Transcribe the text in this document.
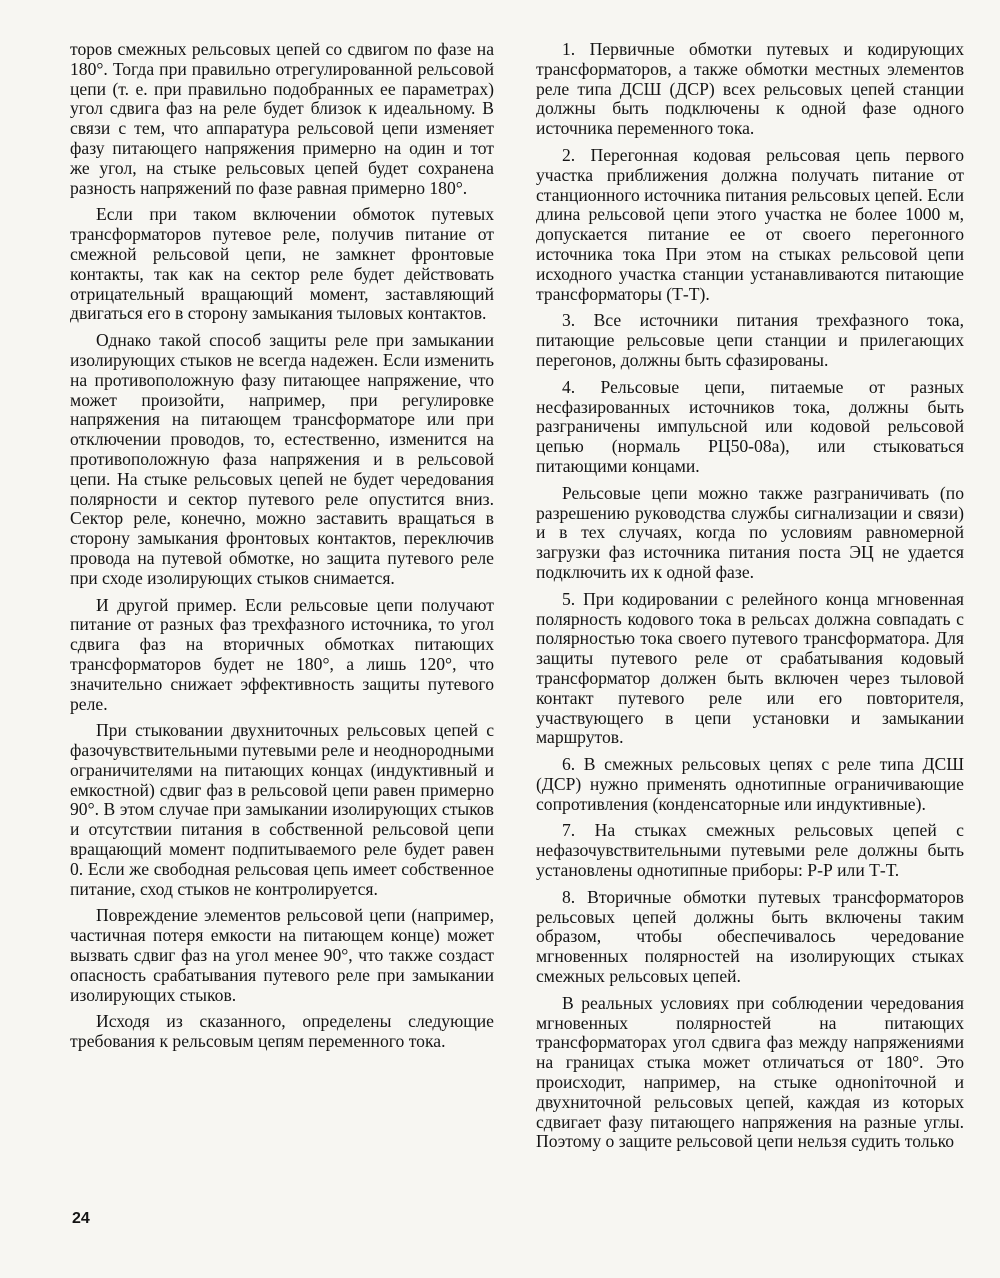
торов смежных рельсовых цепей со сдвигом по фазе на 180°. Тогда при правильно отрегулированной рельсовой цепи (т. е. при правильно подобранных ее параметрах) угол сдвига фаз на реле будет близок к идеальному. В связи с тем, что аппаратура рельсовой цепи изменяет фазу питающего напряжения примерно на один и тот же угол, на стыке рельсовых цепей будет сохранена разность напряжений по фазе равная примерно 180°.

Если при таком включении обмоток путевых трансформаторов путевое реле, получив питание от смежной рельсовой цепи, не замкнет фронтовые контакты, так как на сектор реле будет действовать отрицательный вращающий момент, заставляющий двигаться его в сторону замыкания тыловых контактов.

Однако такой способ защиты реле при замыкании изолирующих стыков не всегда надежен. Если изменить на противоположную фазу питающее напряжение, что может произойти, например, при регулировке напряжения на питающем трансформаторе или при отключении проводов, то, естественно, изменится на противоположную фаза напряжения и в рельсовой цепи. На стыке рельсовых цепей не будет чередования полярности и сектор путевого реле опустится вниз. Сектор реле, конечно, можно заставить вращаться в сторону замыкания фронтовых контактов, переключив провода на путевой обмотке, но защита путевого реле при сходе изолирующих стыков снимается.

И другой пример. Если рельсовые цепи получают питание от разных фаз трехфазного источника, то угол сдвига фаз на вторичных обмотках питающих трансформаторов будет не 180°, а лишь 120°, что значительно снижает эффективность защиты путевого реле.

При стыковании двухниточных рельсовых цепей с фазочувствительными путевыми реле и неоднородными ограничителями на питающих концах (индуктивный и емкостной) сдвиг фаз в рельсовой цепи равен примерно 90°. В этом случае при замыкании изолирующих стыков и отсутствии питания в собственной рельсовой цепи вращающий момент подпитываемого реле будет равен 0. Если же свободная рельсовая цепь имеет собственное питание, сход стыков не контролируется.

Повреждение элементов рельсовой цепи (например, частичная потеря емкости на питающем конце) может вызвать сдвиг фаз на угол менее 90°, что также создаст опасность срабатывания путевого реле при замыкании изолирующих стыков.

Исходя из сказанного, определены следующие требования к рельсовым цепям переменного тока.

1. Первичные обмотки путевых и кодирующих трансформаторов, а также обмотки местных элементов реле типа ДСШ (ДСР) всех рельсовых цепей станции должны быть подключены к одной фазе одного источника переменного тока.

2. Перегонная кодовая рельсовая цепь первого участка приближения должна получать питание от станционного источника питания рельсовых цепей. Если длина рельсовой цепи этого участка не более 1000 м, допускается питание ее от своего перегонного источника тока При этом на стыках рельсовой цепи исходного участка станции устанавливаются питающие трансформаторы (Т-Т).

3. Все источники питания трехфазного тока, питающие рельсовые цепи станции и прилегающих перегонов, должны быть сфазированы.

4. Рельсовые цепи, питаемые от разных несфазированных источников тока, должны быть разграничены импульсной или кодовой рельсовой цепью (нормаль РЦ50-08а), или стыковаться питающими концами.

Рельсовые цепи можно также разграничивать (по разрешению руководства службы сигнализации и связи) и в тех случаях, когда по условиям равномерной загрузки фаз источника питания поста ЭЦ не удается подключить их к одной фазе.

5. При кодировании с релейного конца мгновенная полярность кодового тока в рельсах должна совпадать с полярностью тока своего путевого трансформатора. Для защиты путевого реле от срабатывания кодовый трансформатор должен быть включен через тыловой контакт путевого реле или его повторителя, участвующего в цепи установки и замыкании маршрутов.

6. В смежных рельсовых цепях с реле типа ДСШ (ДСР) нужно применять однотипные ограничивающие сопротивления (конденсаторные или индуктивные).

7. На стыках смежных рельсовых цепей с нефазочувствительными путевыми реле должны быть установлены однотипные приборы: Р-Р или Т-Т.

8. Вторичные обмотки путевых трансформаторов рельсовых цепей должны быть включены таким образом, чтобы обеспечивалось чередование мгновенных полярностей на изолирующих стыках смежных рельсовых цепей.

В реальных условиях при соблюдении чередования мгновенных полярностей на питающих трансформаторах угол сдвига фаз между напряжениями на границах стыка может отличаться от 180°. Это происходит, например, на стыке одноniточной и двухниточной рельсовых цепей, каждая из которых сдвигает фазу питающего напряжения на разные углы. Поэтому о защите рельсовой цепи нельзя судить только

24
